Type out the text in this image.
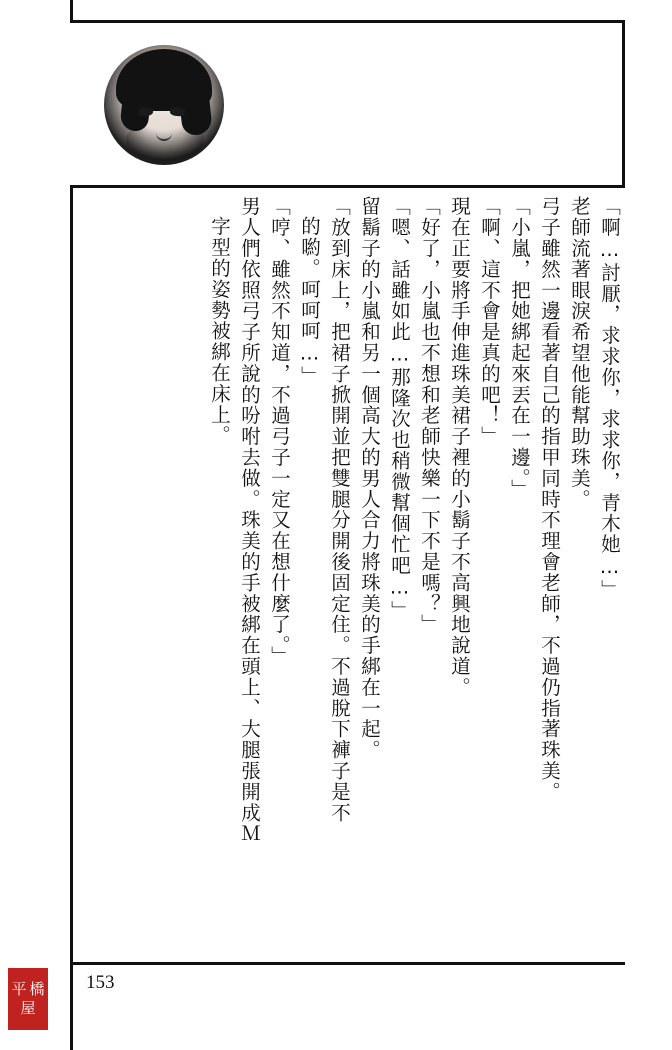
「啊…討厭，求求你，求求你，青木她…」
老師流著眼淚希望他能幫助珠美。
弓子雖然一邊看著自己的指甲同時不理會老師，不過仍指著珠美。
「小嵐，把她綁起來丟在一邊。」
「啊、這不會是真的吧！」
現在正要將手伸進珠美裙子裡的小鬍子不高興地說道。
「好了，小嵐也不想和老師快樂一下不是嗎？」
「嗯、話雖如此…那隆次也稍微幫個忙吧…」
留鬍子的小嵐和另一個高大的男人合力將珠美的手綁在一起。
「放到床上，把裙子掀開並把雙腿分開後固定住。不過脫下褲子是不
的喲。呵呵呵…」
「哼、雖然不知道，不過弓子一定又在想什麼了。」
男人們依照弓子所說的吩咐去做。珠美的手被綁在頭上、大腿張開成Ｍ
字型的姿勢被綁在床上。
153
平 橋
屋
